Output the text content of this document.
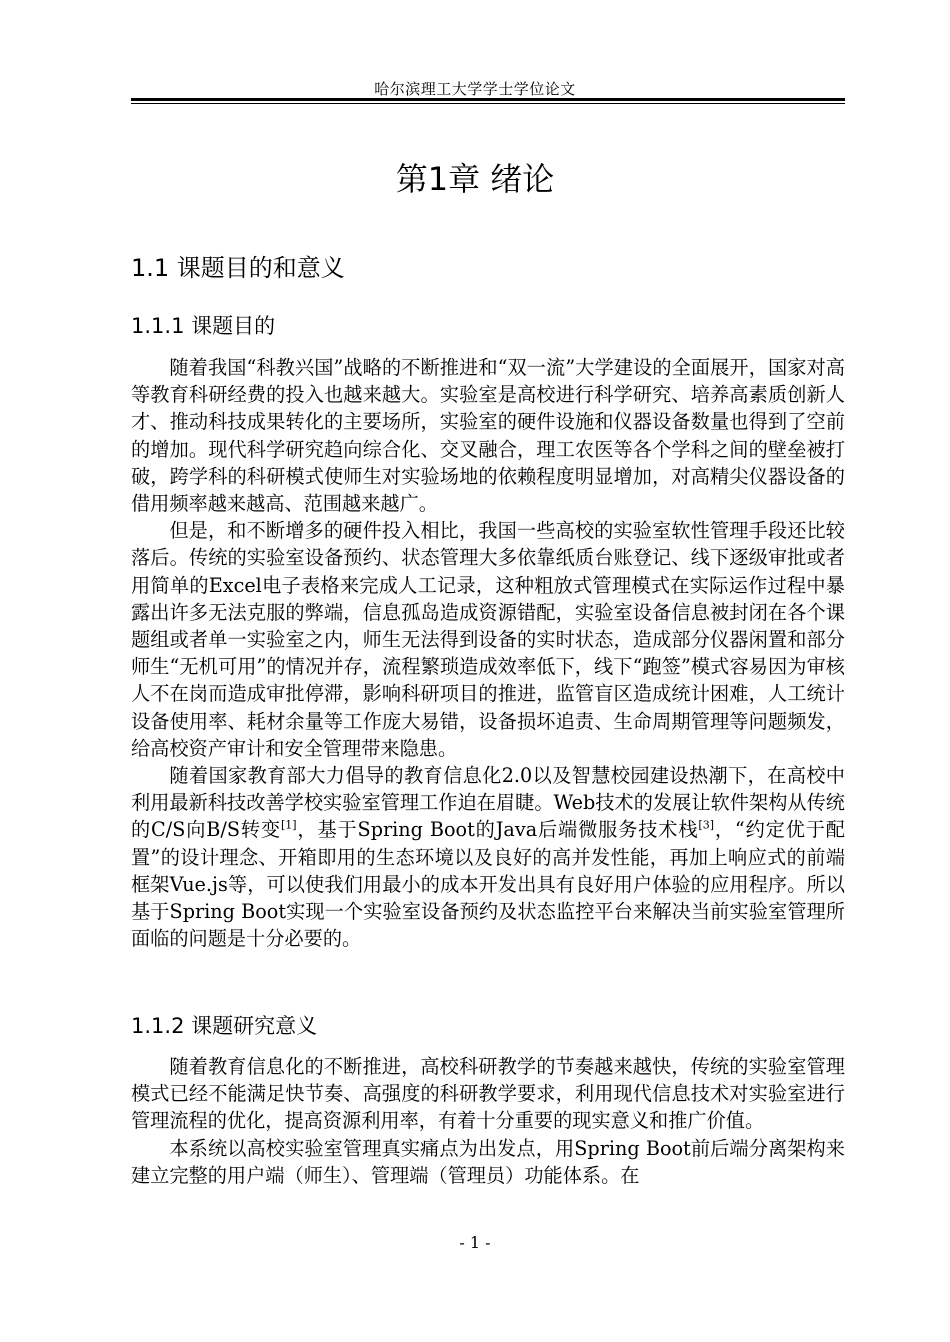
哈尔滨理工大学学士学位论文
第1章 绪论
1.1 课题目的和意义
1.1.1 课题目的

随着我国“科教兴国”战略的不断推进和“双一流”大学建设的全面展开，国家对高等教育科研经费的投入也越来越大。实验室是高校进行科学研究、培养高素质创新人才、推动科技成果转化的主要场所，实验室的硬件设施和仪器设备数量也得到了空前的增加。现代科学研究趋向综合化、交叉融合，理工农医等各个学科之间的壁垒被打破，跨学科的科研模式使师生对实验场地的依赖程度明显增加，对高精尖仪器设备的借用频率越来越高、范围越来越广。

但是，和不断增多的硬件投入相比，我国一些高校的实验室软性管理手段还比较落后。传统的实验室设备预约、状态管理大多依靠纸质台账登记、线下逐级审批或者用简单的Excel电子表格来完成人工记录，这种粗放式管理模式在实际运作过程中暴露出许多无法克服的弊端，信息孤岛造成资源错配，实验室设备信息被封闭在各个课题组或者单一实验室之内，师生无法得到设备的实时状态，造成部分仪器闲置和部分师生“无机可用”的情况并存，流程繁琐造成效率低下，线下“跑签”模式容易因为审核人不在岗而造成审批停滞，影响科研项目的推进，监管盲区造成统计困难，人工统计设备使用率、耗材余量等工作庞大易错，设备损坏追责、生命周期管理等问题频发，给高校资产审计和安全管理带来隐患。

随着国家教育部大力倡导的教育信息化2.0以及智慧校园建设热潮下，在高校中利用最新科技改善学校实验室管理工作迫在眉睫。Web技术的发展让软件架构从传统的C/S向B/S转变[1]，基于Spring Boot的Java后端微服务技术栈[3]，“约定优于配置”的设计理念、开箱即用的生态环境以及良好的高并发性能，再加上响应式的前端框架Vue.js等，可以使我们用最小的成本开发出具有良好用户体验的应用程序。所以基于Spring Boot实现一个实验室设备预约及状态监控平台来解决当前实验室管理所面临的问题是十分必要的。

1.1.2 课题研究意义

随着教育信息化的不断推进，高校科研教学的节奏越来越快，传统的实验室管理模式已经不能满足快节奏、高强度的科研教学要求，利用现代信息技术对实验室进行管理流程的优化，提高资源利用率，有着十分重要的现实意义和推广价值。

本系统以高校实验室管理真实痛点为出发点，用Spring Boot前后端分离架构来建立完整的用户端（师生）、管理端（管理员）功能体系。在

- 1 -
